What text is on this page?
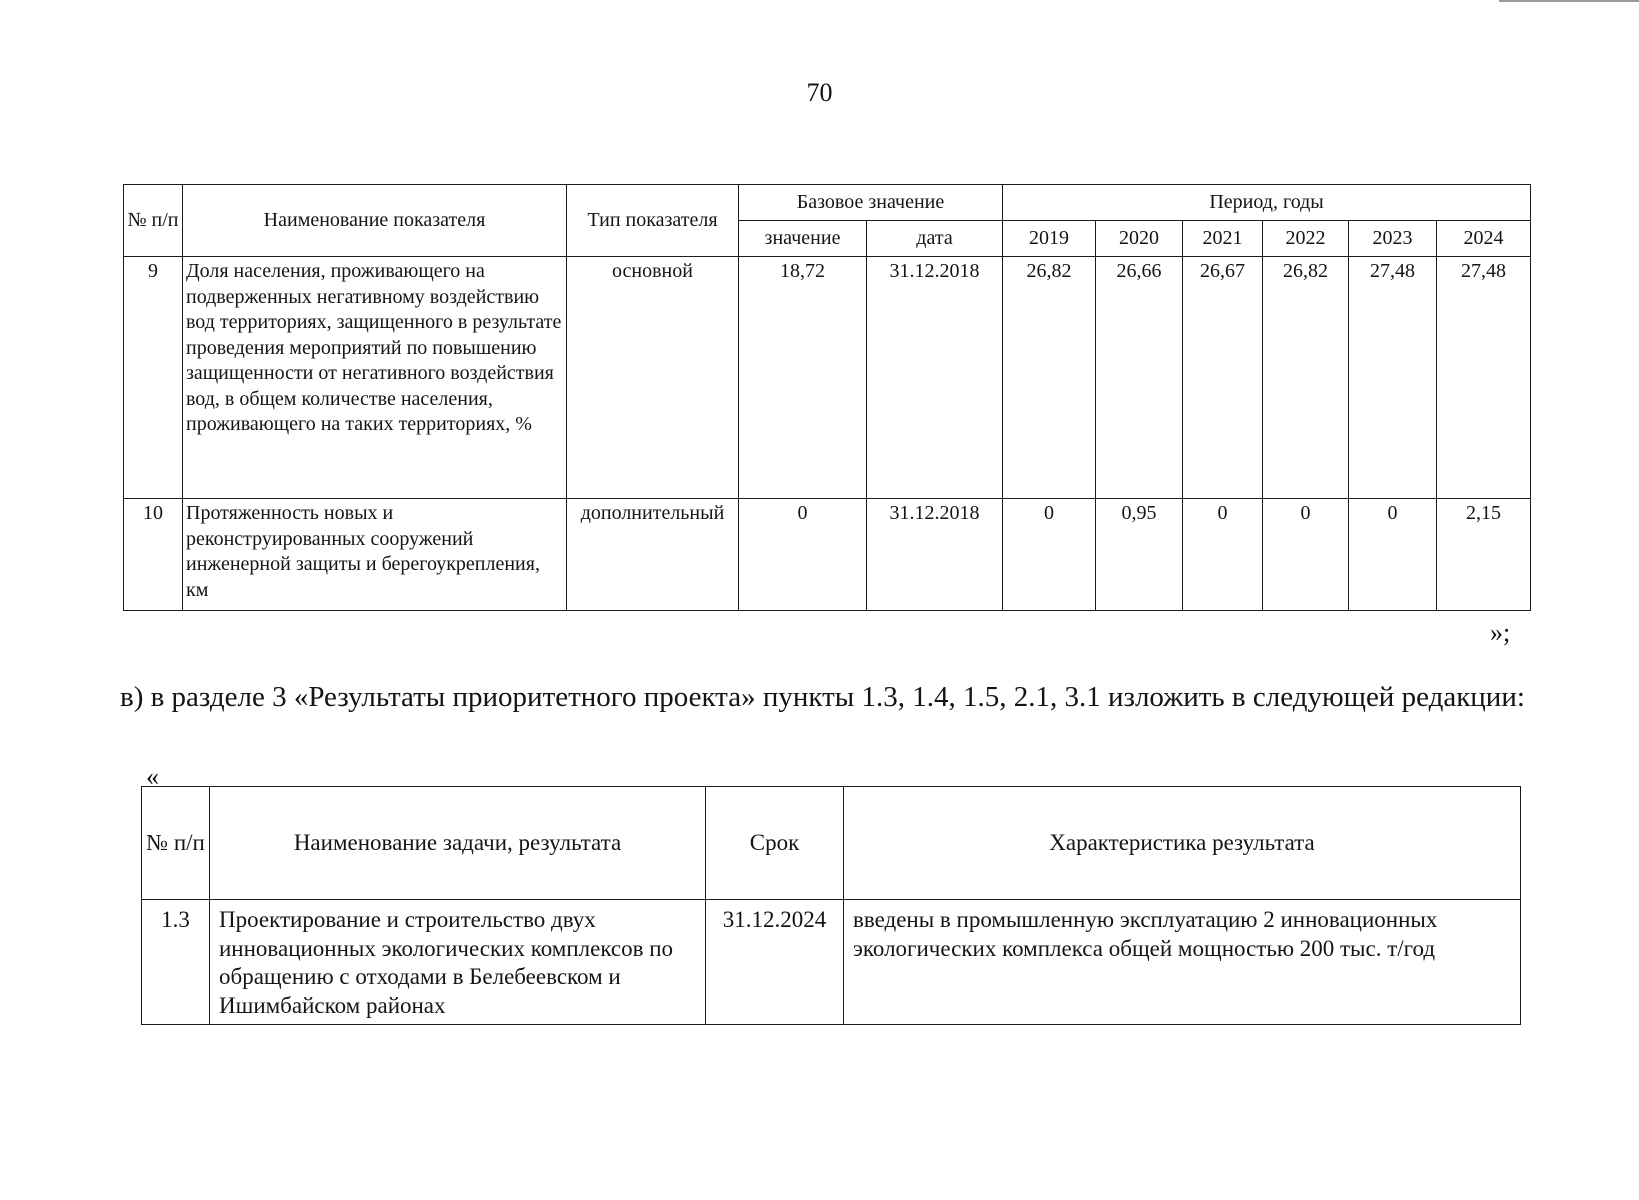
70
№ п/п	Наименование показателя	Тип показателя	Базовое значение		Период, годы					
			значение	дата	2019	2020	2021	2022	2023	2024
9	Доля населения, проживающего на подверженных негативному воздействию вод территориях, защищенного в результате проведения мероприятий по повышению защищенности от негативного воздействия вод, в общем количестве населения, проживающего на таких территориях, %	основной	18,72	31.12.2018	26,82	26,66	26,67	26,82	27,48	27,48
10	Протяженность новых и реконструированных сооружений инженерной защиты и берегоукрепления, км	дополнительный	0	31.12.2018	0	0,95	0	0	0	2,15
»;
в) в разделе 3 «Результаты приоритетного проекта» пункты 1.3, 1.4, 1.5, 2.1, 3.1 изложить в следующей редакции:
«
№ п/п	Наименование задачи, результата	Срок	Характеристика результата
1.3	Проектирование и строительство двух инновационных экологических комплексов по обращению с отходами в Белебеевском и Ишимбайском районах	31.12.2024	введены в промышленную эксплуатацию 2 инновационных экологических комплекса общей мощностью 200 тыс. т/год
